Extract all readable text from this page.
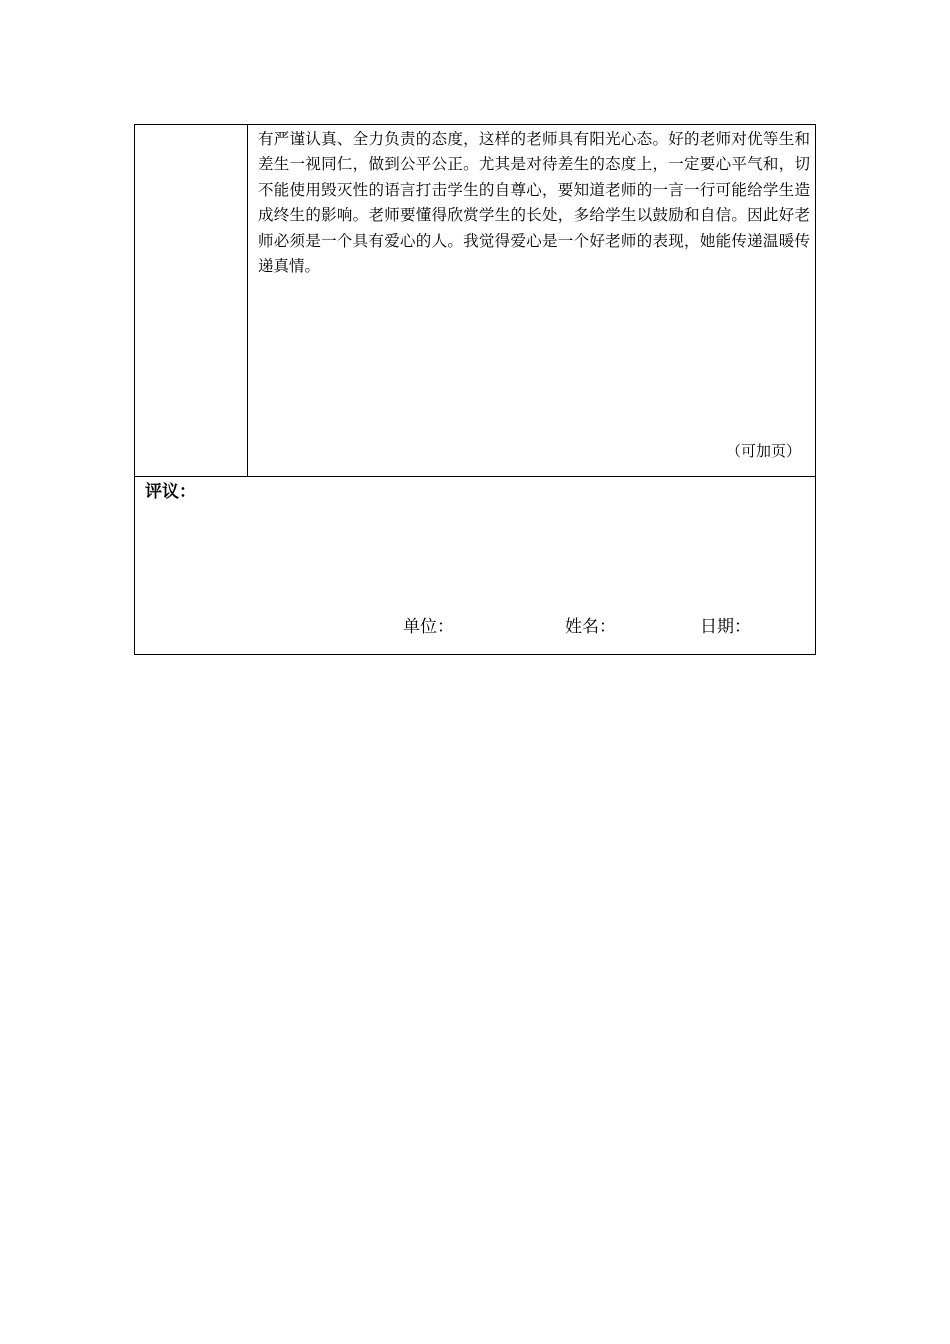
有严谨认真、全力负责的态度，这样的老师具有阳光心态。好的老师对优等生和差生一视同仁，做到公平公正。尤其是对待差生的态度上，一定要心平气和，切不能使用毁灭性的语言打击学生的自尊心，要知道老师的一言一行可能给学生造成终生的影响。老师要懂得欣赏学生的长处，多给学生以鼓励和自信。因此好老师必须是一个具有爱心的人。我觉得爱心是一个好老师的表现，她能传递温暖传递真情。

（可加页）
评议：
单位：	姓名：	日期：
